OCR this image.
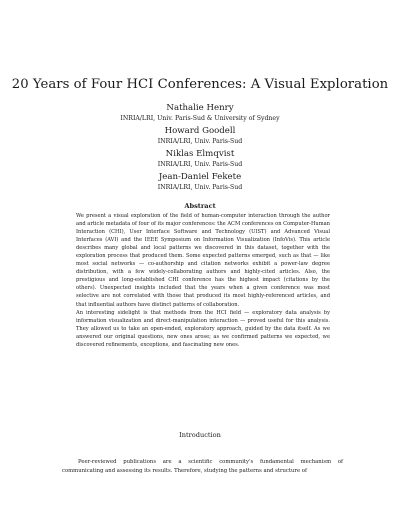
20 Years of Four HCI Conferences: A Visual Exploration
Nathalie Henry
INRIA/LRI, Univ. Paris-Sud & University of Sydney
Howard Goodell
INRIA/LRI, Univ. Paris-Sud
Niklas Elmqvist
INRIA/LRI, Univ. Paris-Sud
Jean-Daniel Fekete
INRIA/LRI, Univ. Paris-Sud
Abstract

We present a visual exploration of the field of human-computer interaction through the author and article metadata of four of its major conferences: the ACM conferences on Computer-Human Interaction (CHI), User Interface Software and Technology (UIST) and Advanced Visual Interfaces (AVI) and the IEEE Symposium on Information Visualization (InfoVis). This article describes many global and local patterns we discovered in this dataset, together with the exploration process that produced them. Some expected patterns emerged, such as that — like most social networks — co-authorship and citation networks exhibit a power-law degree distribution, with a few widely-collaborating authors and highly-cited articles. Also, the prestigious and long-established CHI conference has the highest impact (citations by the others). Unexpected insights included that the years when a given conference was most selective are not correlated with those that produced its most highly-referenced articles, and that influential authors have distinct patterns of collaboration.

An interesting sidelight is that methods from the HCI field — exploratory data analysis by information visualization and direct-manipulation interaction — proved useful for this analysis. They allowed us to take an open-ended, exploratory approach, guided by the data itself. As we answered our original questions, new ones arose; as we confirmed patterns we expected, we discovered refinements, exceptions, and fascinating new ones.

Introduction

Peer-reviewed publications are a scientific community's fundamental mechanism of communicating and assessing its results. Therefore, studying the patterns and structure of
